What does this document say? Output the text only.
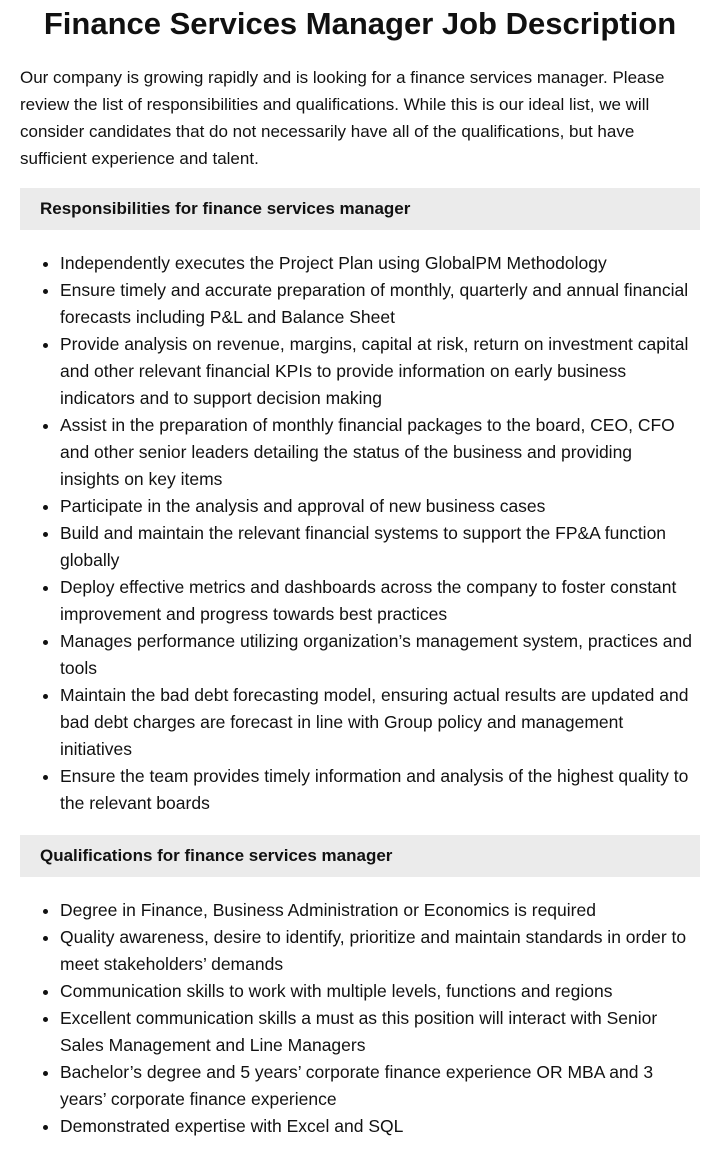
Finance Services Manager Job Description

Our company is growing rapidly and is looking for a finance services manager. Please review the list of responsibilities and qualifications. While this is our ideal list, we will consider candidates that do not necessarily have all of the qualifications, but have sufficient experience and talent.

Responsibilities for finance services manager
• Independently executes the Project Plan using GlobalPM Methodology
• Ensure timely and accurate preparation of monthly, quarterly and annual financial forecasts including P&L and Balance Sheet
• Provide analysis on revenue, margins, capital at risk, return on investment capital and other relevant financial KPIs to provide information on early business indicators and to support decision making
• Assist in the preparation of monthly financial packages to the board, CEO, CFO and other senior leaders detailing the status of the business and providing insights on key items
• Participate in the analysis and approval of new business cases
• Build and maintain the relevant financial systems to support the FP&A function globally
• Deploy effective metrics and dashboards across the company to foster constant improvement and progress towards best practices
• Manages performance utilizing organization’s management system, practices and tools
• Maintain the bad debt forecasting model, ensuring actual results are updated and bad debt charges are forecast in line with Group policy and management initiatives
• Ensure the team provides timely information and analysis of the highest quality to the relevant boards
Qualifications for finance services manager
• Degree in Finance, Business Administration or Economics is required
• Quality awareness, desire to identify, prioritize and maintain standards in order to meet stakeholders’ demands
• Communication skills to work with multiple levels, functions and regions
• Excellent communication skills a must as this position will interact with Senior Sales Management and Line Managers
• Bachelor’s degree and 5 years’ corporate finance experience OR MBA and 3 years’ corporate finance experience
• Demonstrated expertise with Excel and SQL
